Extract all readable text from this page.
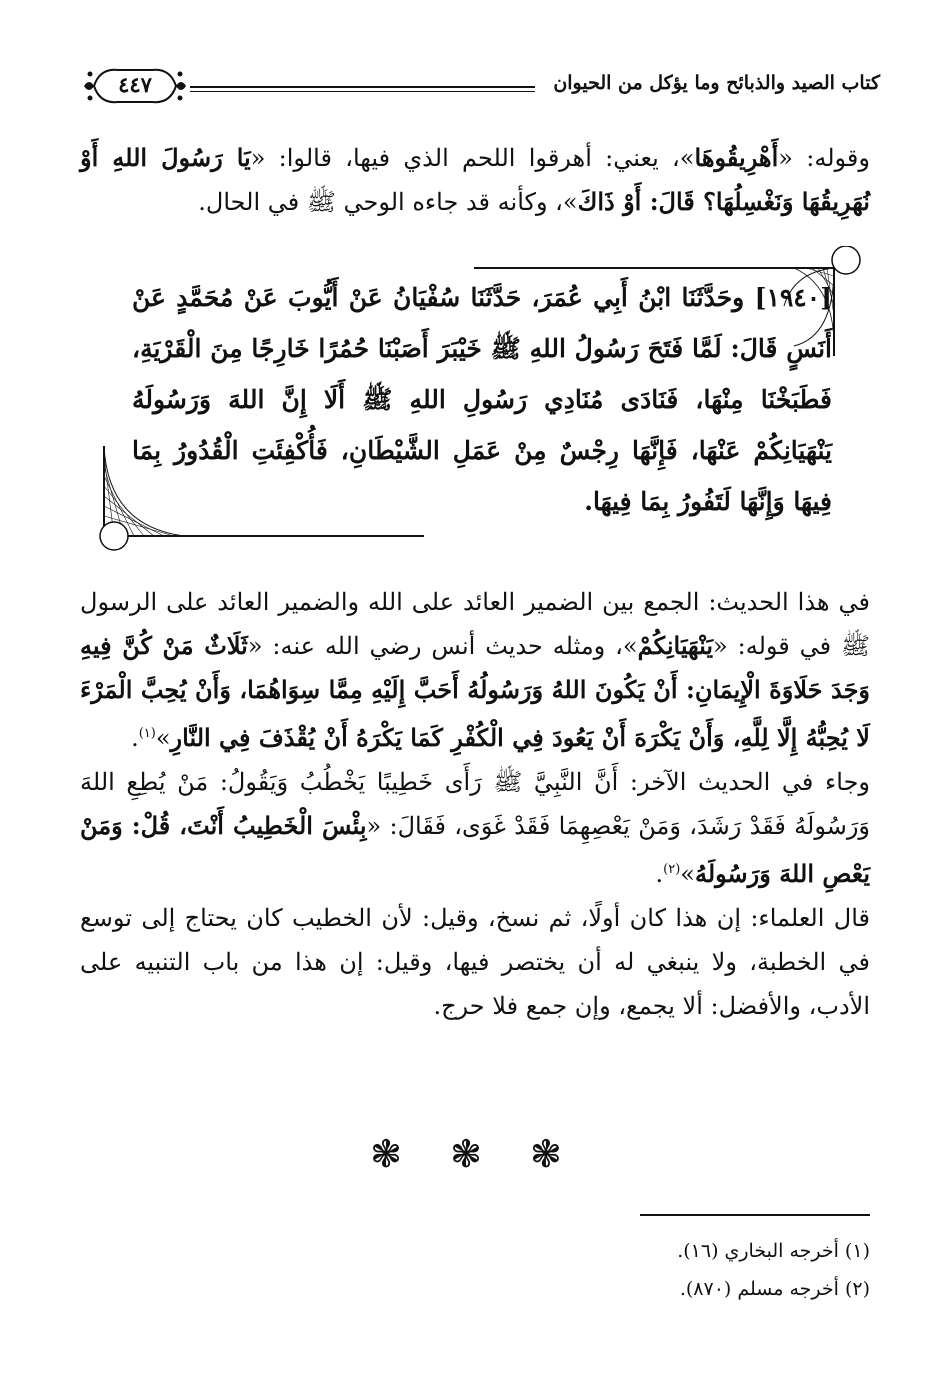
كتاب الصيد والذبائح وما يؤكل من الحيوان
٤٤٧
وقوله: «أَهْرِيقُوهَا»، يعني: أهرقوا اللحم الذي فيها، قالوا: «يَا رَسُولَ اللهِ أَوْ نُهَرِيقُهَا وَنَغْسِلُهَا؟ قَالَ: أَوْ ذَاكَ»، وكأنه قد جاءه الوحي ﷺ في الحال.
[١٩٤٠] وحَدَّثَنَا ابْنُ أَبِي عُمَرَ، حَدَّثَنَا سُفْيَانُ عَنْ أَيُّوبَ عَنْ مُحَمَّدٍ عَنْ أَنَسٍ قَالَ: لَمَّا فَتَحَ رَسُولُ اللهِ ﷺ خَيْبَرَ أَصَبْنَا حُمُرًا خَارِجًا مِنَ الْقَرْيَةِ، فَطَبَخْنَا مِنْهَا، فَنَادَى مُنَادِي رَسُولِ اللهِ ﷺ أَلَا إِنَّ اللهَ وَرَسُولَهُ يَنْهَيَانِكُمْ عَنْهَا، فَإِنَّهَا رِجْسٌ مِنْ عَمَلِ الشَّيْطَانِ، فَأُكْفِئَتِ الْقُدُورُ بِمَا فِيهَا وَإِنَّهَا لَتَفُورُ بِمَا فِيهَا.
في هذا الحديث: الجمع بين الضمير العائد على الله والضمير العائد على الرسول ﷺ في قوله: «يَنْهَيَانِكُمْ»، ومثله حديث أنس رضي الله عنه: «ثَلَاثٌ مَنْ كُنَّ فِيهِ وَجَدَ حَلَاوَةَ الْإِيمَانِ: أَنْ يَكُونَ اللهُ وَرَسُولُهُ أَحَبَّ إِلَيْهِ مِمَّا سِوَاهُمَا، وَأَنْ يُحِبَّ الْمَرْءَ لَا يُحِبُّهُ إِلَّا لِلَّهِ، وَأَنْ يَكْرَهَ أَنْ يَعُودَ فِي الْكُفْرِ كَمَا يَكْرَهُ أَنْ يُقْذَفَ فِي النَّارِ»$^{(١)}$.
وجاء في الحديث الآخر: أَنَّ النَّبِيَّ ﷺ رَأَى خَطِيبًا يَخْطُبُ وَيَقُولُ: مَنْ يُطِعِ اللهَ وَرَسُولَهُ فَقَدْ رَشَدَ، وَمَنْ يَعْصِهِمَا فَقَدْ غَوَى، فَقَالَ: «بِئْسَ الْخَطِيبُ أَنْتَ، قُلْ: وَمَنْ يَعْصِ اللهَ وَرَسُولَهُ»$^{(٢)}$.
قال العلماء: إن هذا كان أولًا، ثم نسخ، وقيل: لأن الخطيب كان يحتاج إلى توسع في الخطبة، ولا ينبغي له أن يختصر فيها، وقيل: إن هذا من باب التنبيه على الأدب، والأفضل: ألا يجمع، وإن جمع فلا حرج.
❃ ❃ ❃
(١) أخرجه البخاري (١٦).
(٢) أخرجه مسلم (٨٧٠).
